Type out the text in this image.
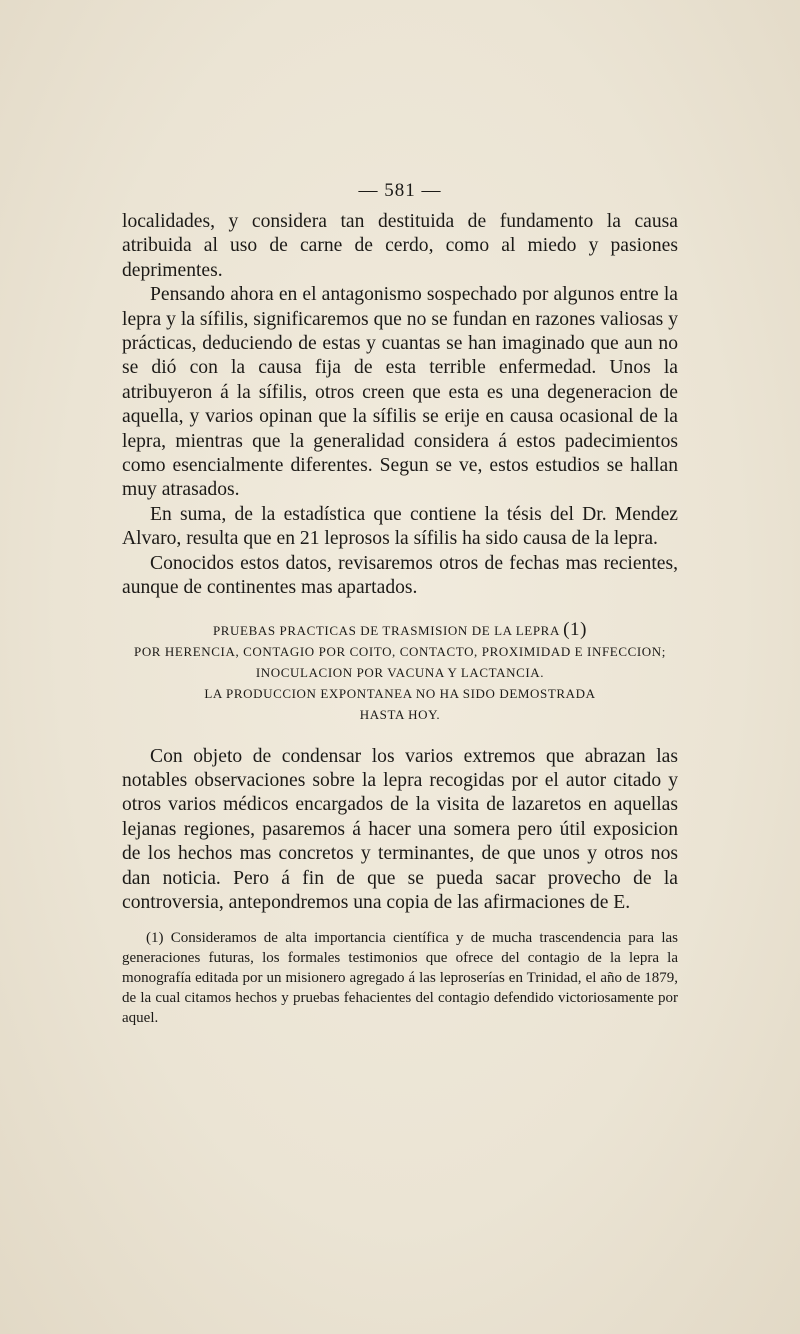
— 581 —

localidades, y considera tan destituida de fundamento la causa atribuida al uso de carne de cerdo, como al miedo y pasiones deprimentes.

Pensando ahora en el antagonismo sospechado por algunos entre la lepra y la sífilis, significaremos que no se fundan en razones valiosas y prácticas, deduciendo de estas y cuantas se han imaginado que aun no se dió con la causa fija de esta terrible enfermedad. Unos la atribuyeron á la sífilis, otros creen que esta es una degeneracion de aquella, y varios opinan que la sífilis se erije en causa ocasional de la lepra, mientras que la generalidad considera á estos padecimientos como esencialmente diferentes. Segun se ve, estos estudios se hallan muy atrasados.

En suma, de la estadística que contiene la tésis del Dr. Mendez Alvaro, resulta que en 21 leprosos la sífilis ha sido causa de la lepra.

Conocidos estos datos, revisaremos otros de fechas mas recientes, aunque de continentes mas apartados.

PRUEBAS PRACTICAS DE TRASMISION DE LA LEPRA (1)
POR HERENCIA, CONTAGIO POR COITO, CONTACTO, PROXIMIDAD E INFECCION; INOCULACION POR VACUNA Y LACTANCIA.
LA PRODUCCION EXPONTANEA NO HA SIDO DEMOSTRADA
HASTA HOY.

Con objeto de condensar los varios extremos que abrazan las notables observaciones sobre la lepra recogidas por el autor citado y otros varios médicos encargados de la visita de lazaretos en aquellas lejanas regiones, pasaremos á hacer una somera pero útil exposicion de los hechos mas concretos y terminantes, de que unos y otros nos dan noticia. Pero á fin de que se pueda sacar provecho de la controversia, antepondremos una copia de las afirmaciones de E.

(1) Consideramos de alta importancia científica y de mucha trascendencia para las generaciones futuras, los formales testimonios que ofrece del contagio de la lepra la monografía editada por un misionero agregado á las leproserías en Trinidad, el año de 1879, de la cual citamos hechos y pruebas fehacientes del contagio defendido victoriosamente por aquel.
